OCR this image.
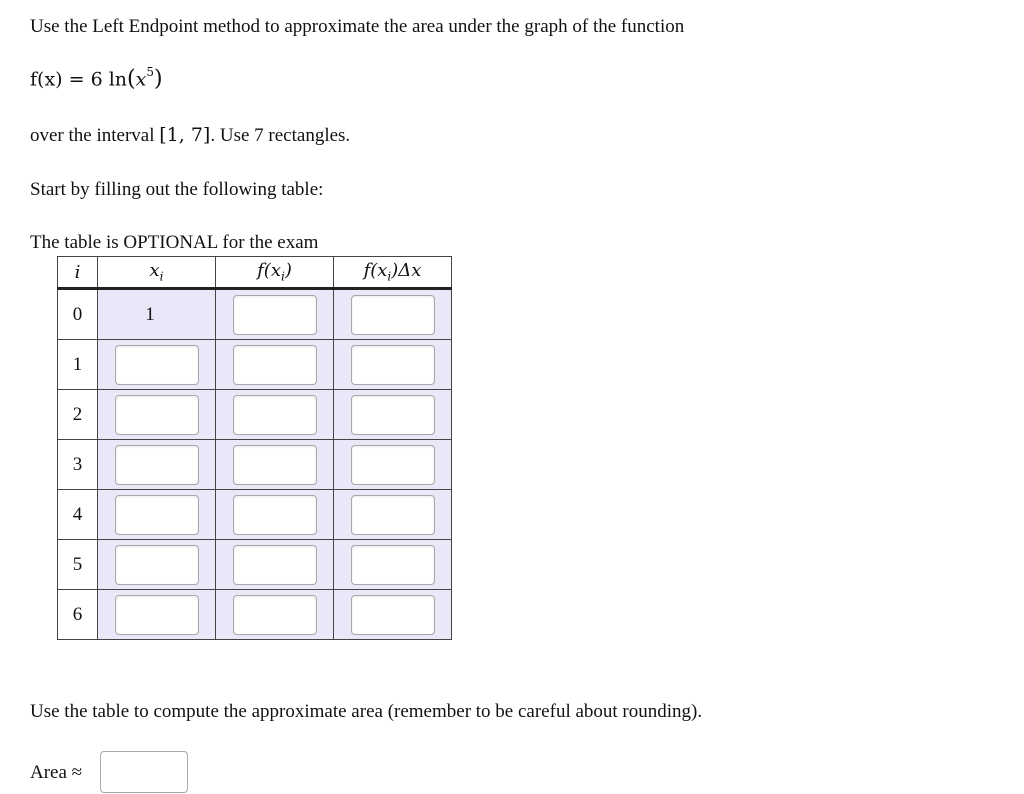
Use the Left Endpoint method to approximate the area under the graph of the function
f(x) = 6 $\ln(x^5)$
over the interval [1, 7]. Use 7 rectangles.
Start by filling out the following table:
The table is OPTIONAL for the exam
i	$x_i$	$f(x_i)$	$f(x_i)\Delta x$
0	1	

1	

2	

3	

4	

5	

6	

Use the table to compute the approximate area (remember to be careful about rounding).
Area ≈
